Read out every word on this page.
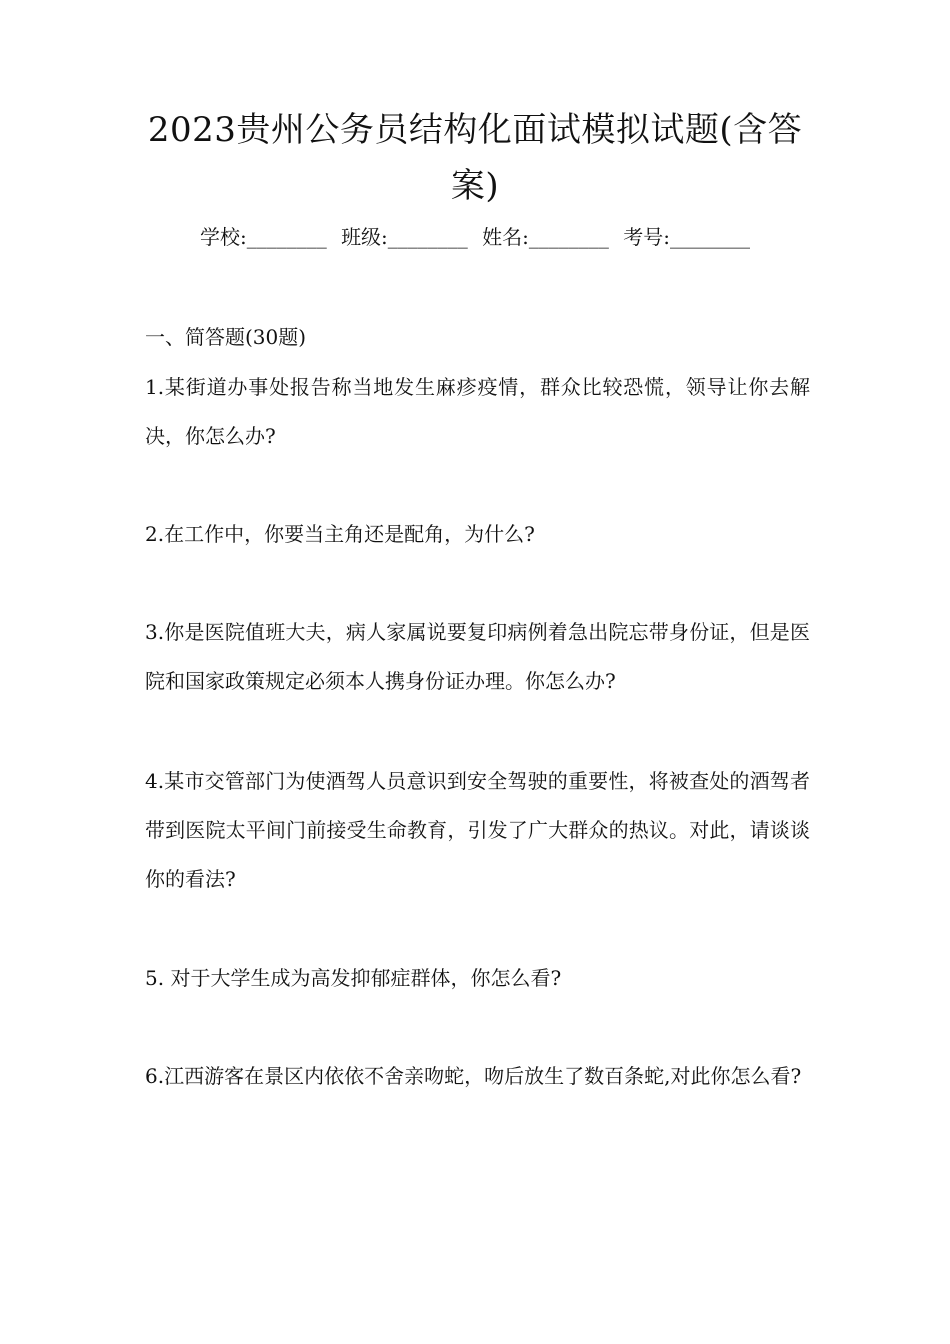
2023贵州公务员结构化面试模拟试题(含答案)
学校:________ 班级:________ 姓名:________ 考号:________
一、简答题(30题)
1.某街道办事处报告称当地发生麻疹疫情，群众比较恐慌，领导让你去解决，你怎么办?
2.在工作中，你要当主角还是配角，为什么?
3.你是医院值班大夫，病人家属说要复印病例着急出院忘带身份证，但是医院和国家政策规定必须本人携身份证办理。你怎么办?
4.某市交管部门为使酒驾人员意识到安全驾驶的重要性，将被查处的酒驾者带到医院太平间门前接受生命教育，引发了广大群众的热议。对此，请谈谈你的看法?
5. 对于大学生成为高发抑郁症群体，你怎么看?
6.江西游客在景区内依依不舍亲吻蛇，吻后放生了数百条蛇,对此你怎么看?
